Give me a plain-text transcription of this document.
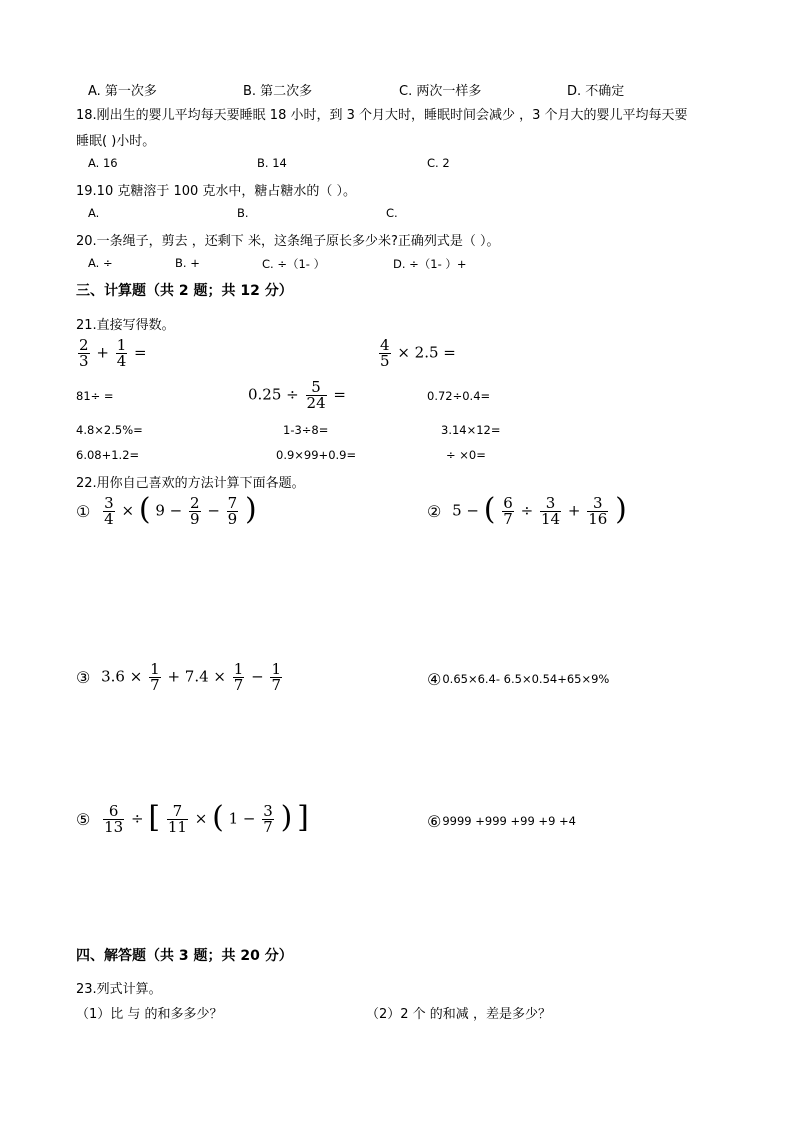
A. 第一次多	B. 第二次多	C. 两次一样多	D. 不确定
18.刚出生的婴儿平均每天要睡眠 18 小时，到 3 个月大时，睡眠时间会减少 ，3 个月大的婴儿平均每天要
睡眠( )小时。
A. 16	B. 14	C. 2
19.10 克糖溶于 100 克水中，糖占糖水的（ ）。
A.	B.	C.
20.一条绳子，剪去 ，还剩下 米，这条绳子原长多少米?正确列式是（ ）。
A. ÷	B. +	C. ÷（1- ）	D. ÷（1- ）+
三、计算题（共 2 题；共 12 分）
21.直接写得数。
$\frac{2}{3} + \frac{1}{4}$ =	$\frac{4}{5} \times 2.5$ =
81÷ =	$0.25 \div \frac{5}{24}$ =	0.72÷0.4=
4.8×2.5%=	1-3÷8=	3.14×12=
6.08+1.2=	0.9×99+0.9=	÷ ×0=
22.用你自己喜欢的方法计算下面各题。
① $\frac{3}{4}$ × ( $9 - \frac{2}{9} - \frac{7}{9}$ )	② 5 − ( $\frac{6}{7} \div \frac{3}{14} + \frac{3}{16}$ )
③ $3.6 \times \frac{1}{7} + 7.4 \times \frac{1}{7} - \frac{1}{7}$	④0.65×6.4- 6.5×0.54+65×9%
⑤ $\frac{6}{13}$ ÷ [ $\frac{7}{11}$ × ( $1 - \frac{3}{7}$ ) ]	⑥9999 +999 +99 +9 +4
四、解答题（共 3 题；共 20 分）
23.列式计算。
（1）比 与 的和多多少？	（2）2 个 的和减 ，差是多少？
